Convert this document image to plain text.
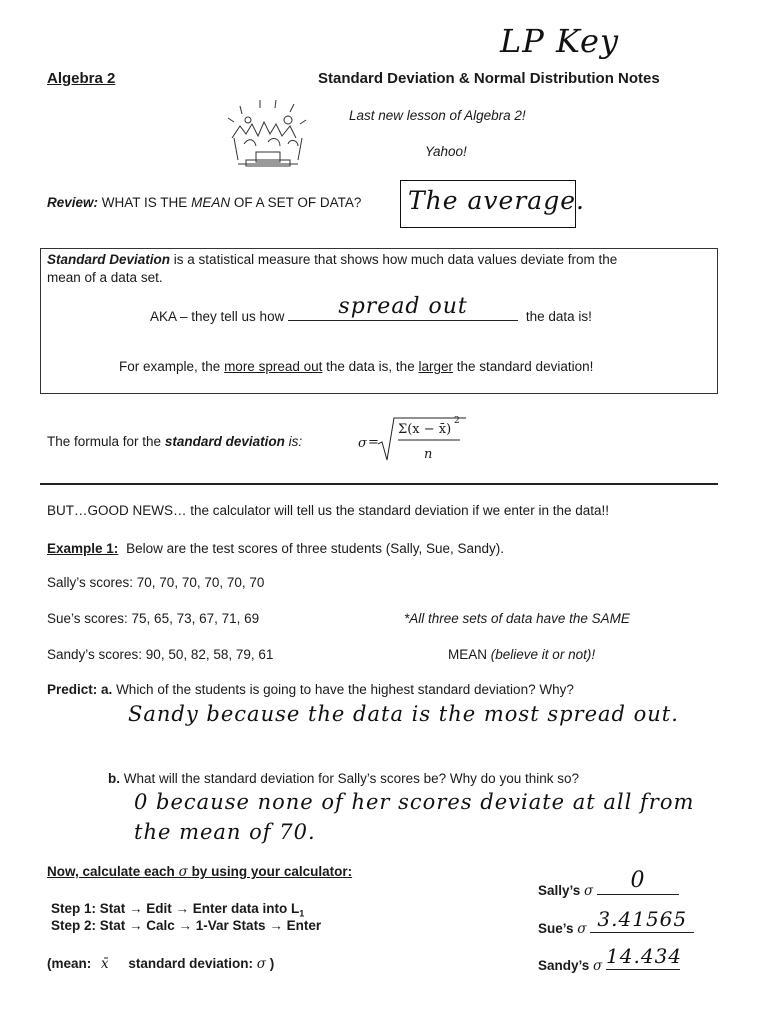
LP Key
Algebra 2	Standard Deviation & Normal Distribution Notes
Last new lesson of Algebra 2!
Yahoo!
Review: WHAT IS THE MEAN OF A SET OF DATA? The average.
Standard Deviation is a statistical measure that shows how much data values deviate from the
mean of a data set.
AKA – they tell us how	spread out	the data is!
For example, the more spread out the data is, the larger the standard deviation!
The formula for the standard deviation is:	σ =
Σ(x − x̄)
2
n
BUT…GOOD NEWS… the calculator will tell us the standard deviation if we enter in the data!!
Example 1: Below are the test scores of three students (Sally, Sue, Sandy).
Sally’s scores: 70, 70, 70, 70, 70, 70
Sue’s scores: 75, 65, 73, 67, 71, 69
Sandy’s scores: 90, 50, 82, 58, 79, 61
*All three sets of data have the SAME
MEAN (believe it or not)!
Predict: a. Which of the students is going to have the highest standard deviation? Why?
Sandy because the data is the most spread out.
b. What will the standard deviation for Sally’s scores be? Why do you think so?
0 because none of her scores deviate at all from
the mean of 70.
Now, calculate each σ by using your calculator:
Step 1: Stat → Edit → Enter data into $L_1$
Step 2: Stat → Calc → 1-Var Stats → Enter
(mean: x̄ standard deviation: σ )
Sally’s σ	0
Sue’s σ 3.41565
Sandy’s σ 14.434
